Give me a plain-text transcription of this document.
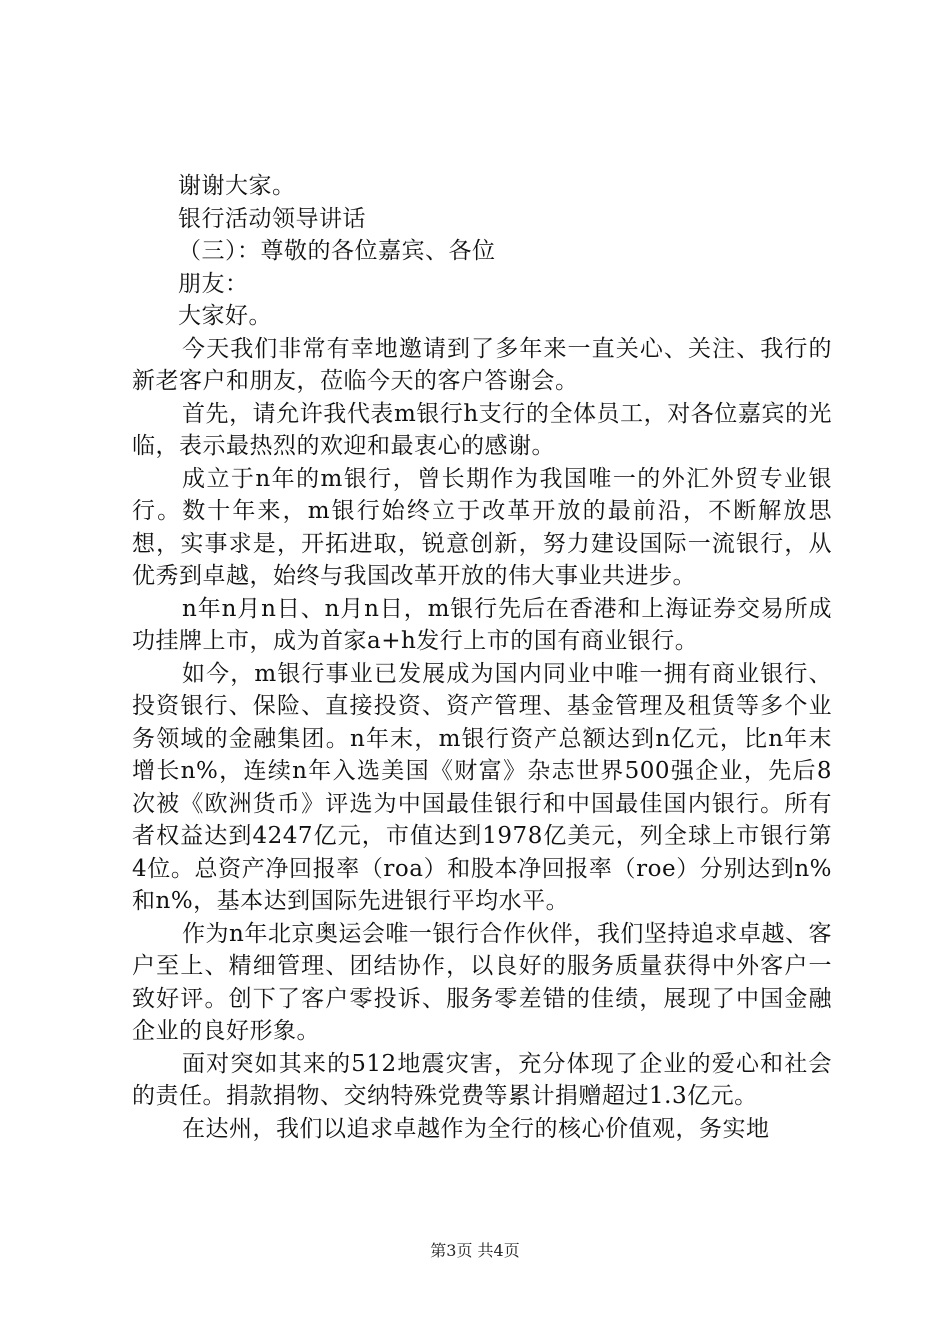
谢谢大家。

银行活动领导讲话

（三）：尊敬的各位嘉宾、各位

朋友：

大家好。

今天我们非常有幸地邀请到了多年来一直关心、关注、我行的新老客户和朋友，莅临今天的客户答谢会。

首先，请允许我代表m银行h支行的全体员工，对各位嘉宾的光临，表示最热烈的欢迎和最衷心的感谢。

成立于n年的m银行，曾长期作为我国唯一的外汇外贸专业银行。数十年来，m银行始终立于改革开放的最前沿，不断解放思想，实事求是，开拓进取，锐意创新，努力建设国际一流银行，从优秀到卓越，始终与我国改革开放的伟大事业共进步。

n年n月n日、n月n日，m银行先后在香港和上海证券交易所成功挂牌上市，成为首家a+h发行上市的国有商业银行。

如今，m银行事业已发展成为国内同业中唯一拥有商业银行、投资银行、保险、直接投资、资产管理、基金管理及租赁等多个业务领域的金融集团。n年末，m银行资产总额达到n亿元，比n年末增长n%，连续n年入选美国《财富》杂志世界500强企业，先后8次被《欧洲货币》评选为中国最佳银行和中国最佳国内银行。所有者权益达到4247亿元，市值达到1978亿美元，列全球上市银行第4位。总资产净回报率（roa）和股本净回报率（roe）分别达到n%和n%，基本达到国际先进银行平均水平。

作为n年北京奥运会唯一银行合作伙伴，我们坚持追求卓越、客户至上、精细管理、团结协作，以良好的服务质量获得中外客户一致好评。创下了客户零投诉、服务零差错的佳绩，展现了中国金融企业的良好形象。

面对突如其来的512地震灾害，充分体现了企业的爱心和社会的责任。捐款捐物、交纳特殊党费等累计捐赠超过1.3亿元。

在达州，我们以追求卓越作为全行的核心价值观，务实地

第3页 共4页
